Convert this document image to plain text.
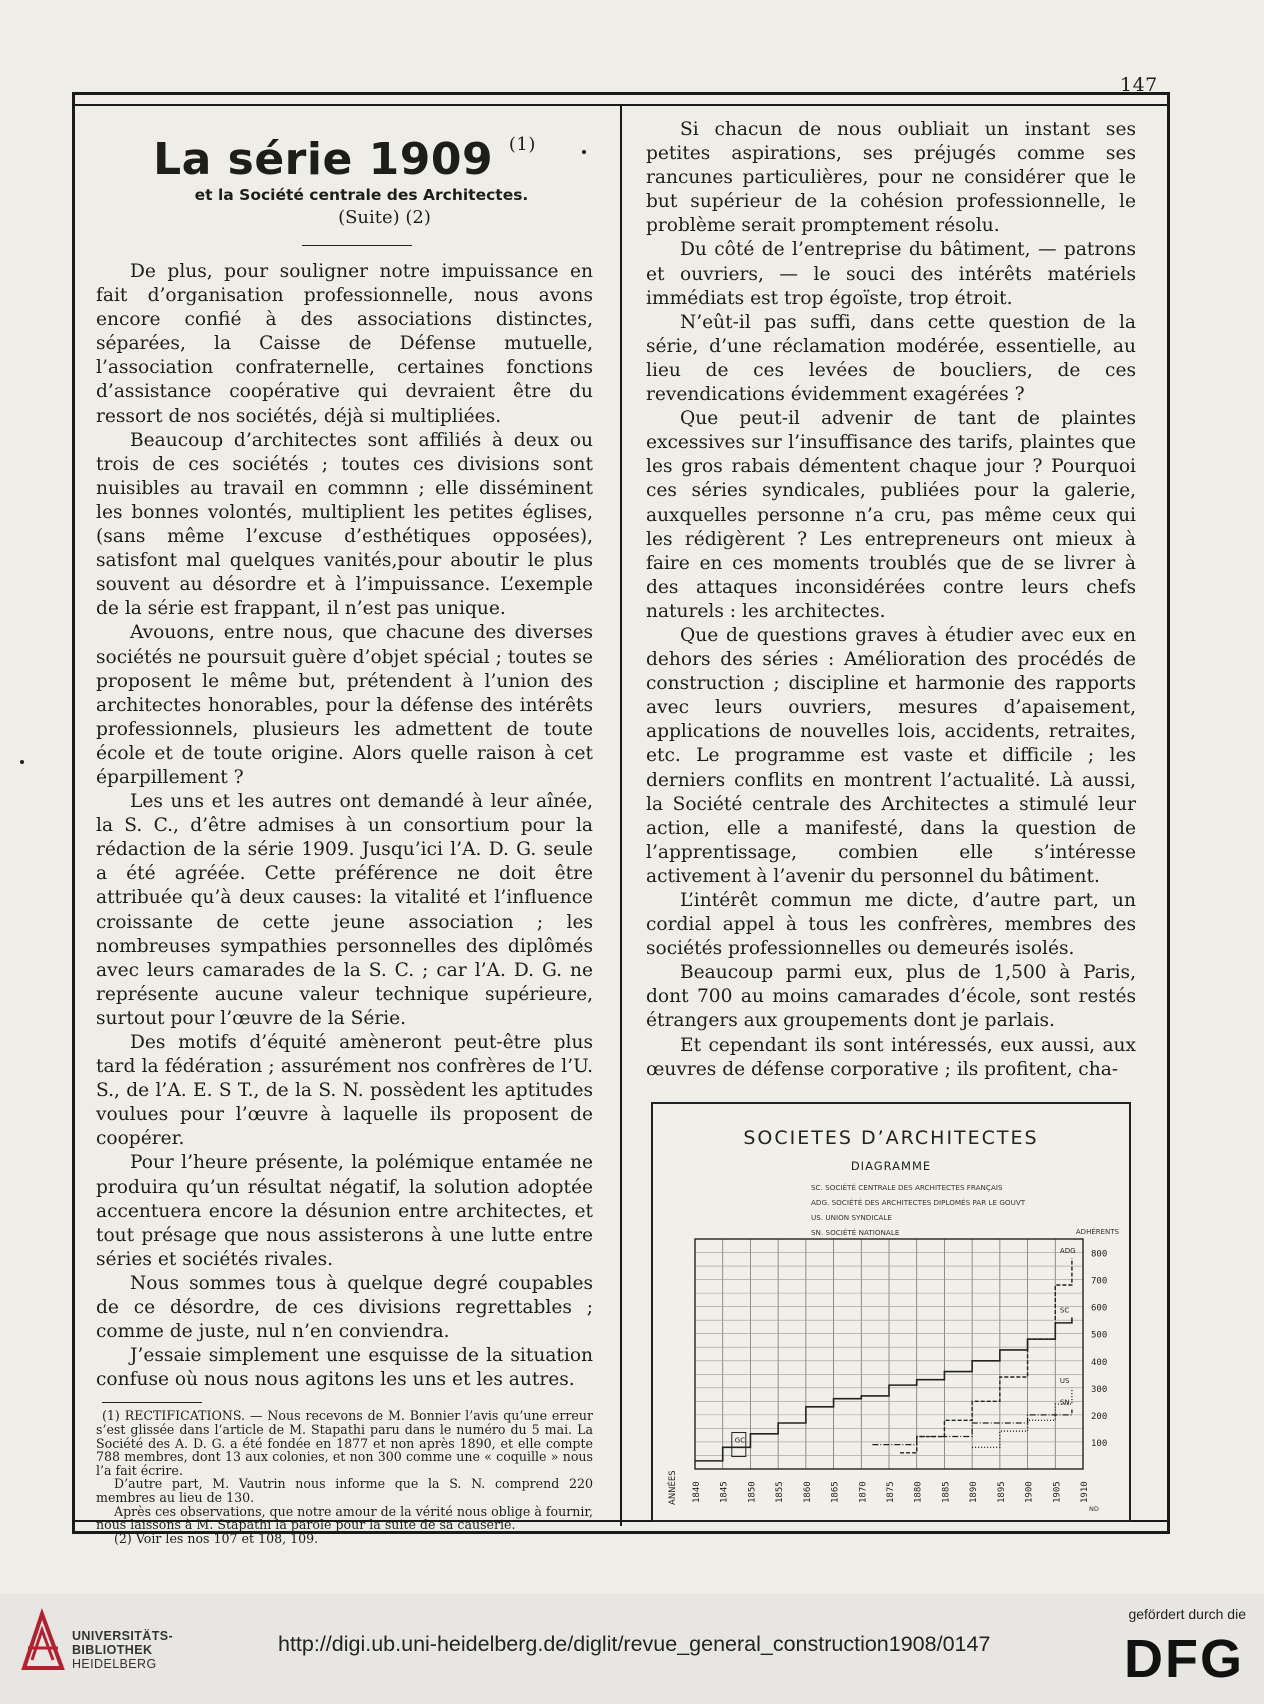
147
La série 1909 $^{(1)}$
et la Société centrale des Architectes.
(Suite) (2)

De plus, pour souligner notre impuissance en fait d’organisation professionnelle, nous avons encore confié à des associations distinctes, séparées, la Caisse de Défense mutuelle, l’association confraternelle, certaines fonctions d’assistance coopérative qui devraient être du ressort de nos sociétés, déjà si multipliées.

Beaucoup d’architectes sont affiliés à deux ou trois de ces sociétés ; toutes ces divisions sont nuisibles au travail en commnn ; elle disséminent les bonnes volontés, multiplient les petites églises, (sans même l’excuse d’esthétiques opposées), satisfont mal quelques vanités,pour aboutir le plus souvent au désordre et à l’impuissance. L’exemple de la série est frappant, il n’est pas unique.

Avouons, entre nous, que chacune des diverses sociétés ne poursuit guère d’objet spécial ; toutes se proposent le même but, prétendent à l’union des architectes honorables, pour la défense des intérêts professionnels, plusieurs les admettent de toute école et de toute origine. Alors quelle raison à cet éparpillement ?

Les uns et les autres ont demandé à leur aînée, la S. C., d’être admises à un consortium pour la rédaction de la série 1909. Jusqu’ici l’A. D. G. seule a été agréée. Cette préférence ne doit être attribuée qu’à deux causes: la vitalité et l’influence croissante de cette jeune association ; les nombreuses sympathies personnelles des diplômés avec leurs camarades de la S. C. ; car l’A. D. G. ne représente aucune valeur technique supérieure, surtout pour l’œuvre de la Série.

Des motifs d’équité amèneront peut-être plus tard la fédération ; assurément nos confrères de l’U. S., de l’A. E. S T., de la S. N. possèdent les aptitudes voulues pour l’œuvre à laquelle ils proposent de coopérer.

Pour l’heure présente, la polémique entamée ne produira qu’un résultat négatif, la solution adoptée accentuera encore la désunion entre architectes, et tout présage que nous assisterons à une lutte entre séries et sociétés rivales.

Nous sommes tous à quelque degré coupables de ce désordre, de ces divisions regrettables ; comme de juste, nul n’en conviendra.

J’essaie simplement une esquisse de la situation confuse où nous nous agitons les uns et les autres.

(1) RECTIFICATIONS. — Nous recevons de M. Bonnier l’avis qu’une erreur s’est glissée dans l’article de M. Stapathi paru dans le numéro du 5 mai. La Société des A. D. G. a été fondée en 1877 et non après 1890, et elle compte 788 membres, dont 13 aux colonies, et non 300 comme une « coquille » nous l’a fait écrire.

D’autre part, M. Vautrin nous informe que la S. N. comprend 220 membres au lieu de 130.

Après ces observations, que notre amour de la vérité nous oblige à fournir, nous laissons à M. Stapathi la parole pour la suite de sa causerie.

(2) Voir les nos 107 et 108, 109.

Si chacun de nous oubliait un instant ses petites aspirations, ses préjugés comme ses rancunes particulières, pour ne considérer que le but supérieur de la cohésion professionnelle, le problème serait promptement résolu.

Du côté de l’entreprise du bâtiment, — patrons et ouvriers, — le souci des intérêts matériels immédiats est trop égoïste, trop étroit.

N’eût-il pas suffi, dans cette question de la série, d’une réclamation modérée, essentielle, au lieu de ces levées de boucliers, de ces revendications évidemment exagérées ?

Que peut-il advenir de tant de plaintes excessives sur l’insuffisance des tarifs, plaintes que les gros rabais démentent chaque jour ? Pourquoi ces séries syndicales, publiées pour la galerie, auxquelles personne n’a cru, pas même ceux qui les rédigèrent ? Les entrepreneurs ont mieux à faire en ces moments troublés que de se livrer à des attaques inconsidérées contre leurs chefs naturels : les architectes.

Que de questions graves à étudier avec eux en dehors des séries : Amélioration des procédés de construction ; discipline et harmonie des rapports avec leurs ouvriers, mesures d’apaisement, applications de nouvelles lois, accidents, retraites, etc. Le programme est vaste et difficile ; les derniers conflits en montrent l’actualité. Là aussi, la Société centrale des Architectes a stimulé leur action, elle a manifesté, dans la question de l’apprentissage, combien elle s’intéresse activement à l’avenir du personnel du bâtiment.

L’intérêt commun me dicte, d’autre part, un cordial appel à tous les confrères, membres des sociétés professionnelles ou demeurés isolés.

Beaucoup parmi eux, plus de 1,500 à Paris, dont 700 au moins camarades d’école, sont restés étrangers aux groupements dont je parlais.

Et cependant ils sont intéressés, eux aussi, aux œuvres de défense corporative ; ils profitent, cha-

SOCIETES D’ARCHITECTES
DIAGRAMME
SC. SOCIÉTÉ CENTRALE DES ARCHITECTES FRANÇAIS
ADG. SOCIÉTÉ DES ARCHITECTES DIPLOMÉS PAR LE GOUVT
US. UNION SYNDICALE
SN. SOCIÉTÉ NATIONALE	ADHÉRENTS
800
700
600
500
400
300
200
100
1840 1845 1850 1855 1860 1865 1870 1875 1880 1885 1890 1895 1900 1905 1910
ANNÉES
SC
ADG
US
SN
GC
ND
UNIVERSITÄTS-
BIBLIOTHEK
HEIDELBERG
http://digi.ub.uni-heidelberg.de/diglit/revue_general_construction1908/0147
gefördert durch die
DFG
